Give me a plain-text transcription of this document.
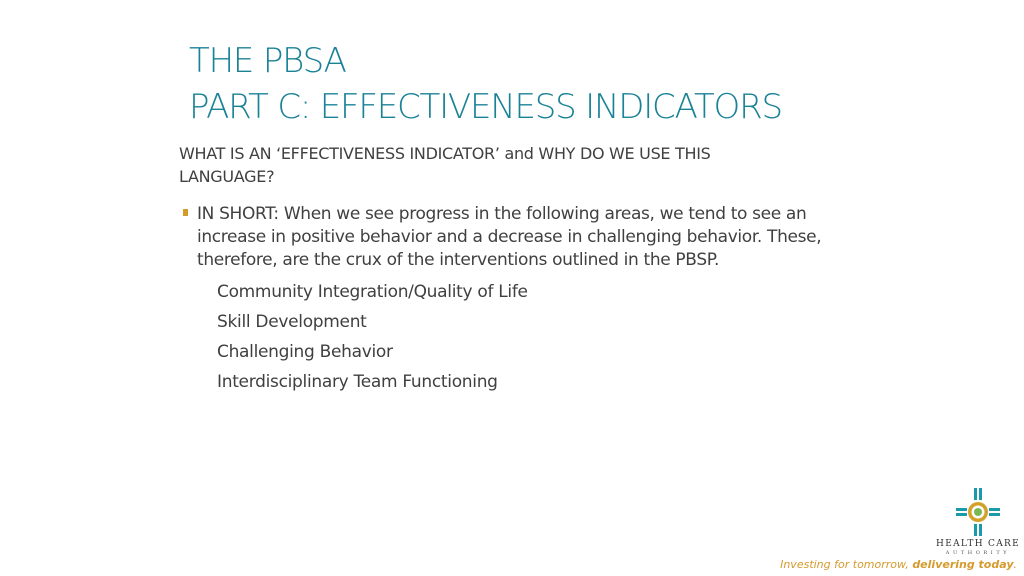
THE PBSA
PART C: EFFECTIVENESS INDICATORS
WHAT IS AN ‘EFFECTIVENESS INDICATOR’ and WHY DO WE USE THIS LANGUAGE?
IN SHORT: When we see progress in the following areas, we tend to see an increase in positive behavior and a decrease in challenging behavior. These, therefore, are the crux of the interventions outlined in the PBSP.
Community Integration/Quality of Life
Skill Development
Challenging Behavior
Interdisciplinary Team Functioning
HEALTH CARE
AUTHORITY
Investing for tomorrow, delivering today.
